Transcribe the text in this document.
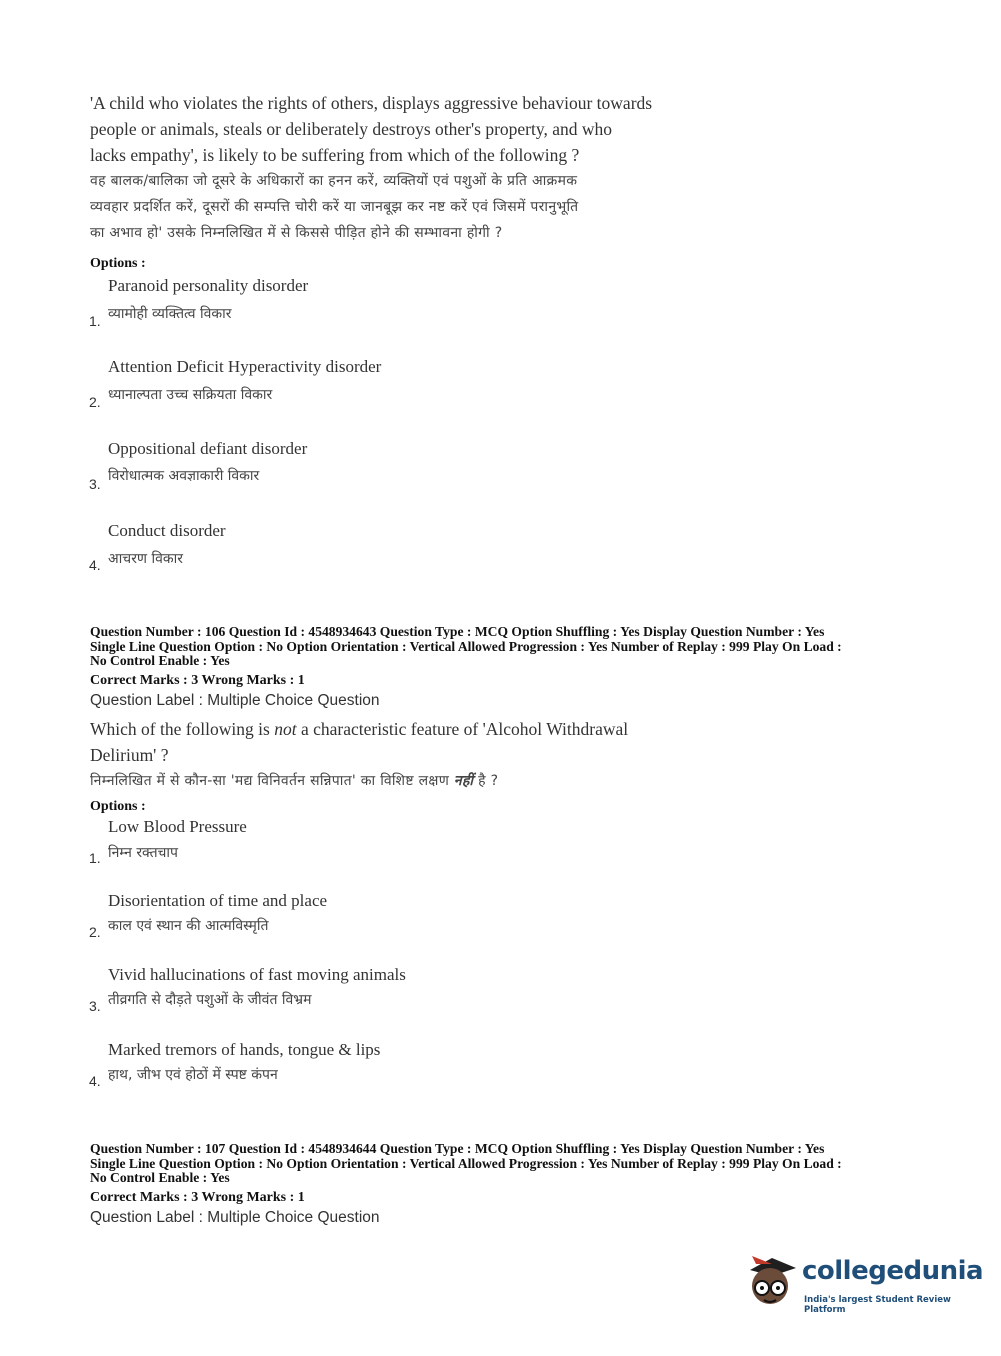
'A child who violates the rights of others, displays aggressive behaviour towards
people or animals, steals or deliberately destroys other's property, and who
lacks empathy', is likely to be suffering from which of the following ?
वह बालक/बालिका जो दूसरे के अधिकारों का हनन करें, व्यक्तियों एवं पशुओं के प्रति आक्रमक
व्यवहार प्रदर्शित करें, दूसरों की सम्पत्ति चोरी करें या जानबूझ कर नष्ट करें एवं जिसमें परानुभूति
का अभाव हो' उसके निम्नलिखित में से किससे पीड़ित होने की सम्भावना होगी ?
Options :
Paranoid personality disorder
व्यामोही व्यक्तित्व विकार
1.
Attention Deficit Hyperactivity disorder
ध्यानाल्पता उच्च सक्रियता विकार
2.
Oppositional defiant disorder
विरोधात्मक अवज्ञाकारी विकार
3.
Conduct disorder
आचरण विकार
4.
Question Number : 106 Question Id : 4548934643 Question Type : MCQ Option Shuffling : Yes Display Question Number : Yes
Single Line Question Option : No Option Orientation : Vertical Allowed Progression : Yes Number of Replay : 999 Play On Load :
No Control Enable : Yes
Correct Marks : 3 Wrong Marks : 1
Question Label : Multiple Choice Question
Which of the following is not a characteristic feature of 'Alcohol Withdrawal
Delirium' ?
निम्नलिखित में से कौन-सा 'मद्य विनिवर्तन सन्निपात' का विशिष्ट लक्षण नहीं है ?
Options :
Low Blood Pressure
निम्न रक्तचाप
1.
Disorientation of time and place
काल एवं स्थान की आत्मविस्मृति
2.
Vivid hallucinations of fast moving animals
तीव्रगति से दौड़ते पशुओं के जीवंत विभ्रम
3.
Marked tremors of hands, tongue & lips
हाथ, जीभ एवं होठों में स्पष्ट कंपन
4.
Question Number : 107 Question Id : 4548934644 Question Type : MCQ Option Shuffling : Yes Display Question Number : Yes
Single Line Question Option : No Option Orientation : Vertical Allowed Progression : Yes Number of Replay : 999 Play On Load :
No Control Enable : Yes
Correct Marks : 3 Wrong Marks : 1
Question Label : Multiple Choice Question
collegedunia
India's largest Student Review Platform
